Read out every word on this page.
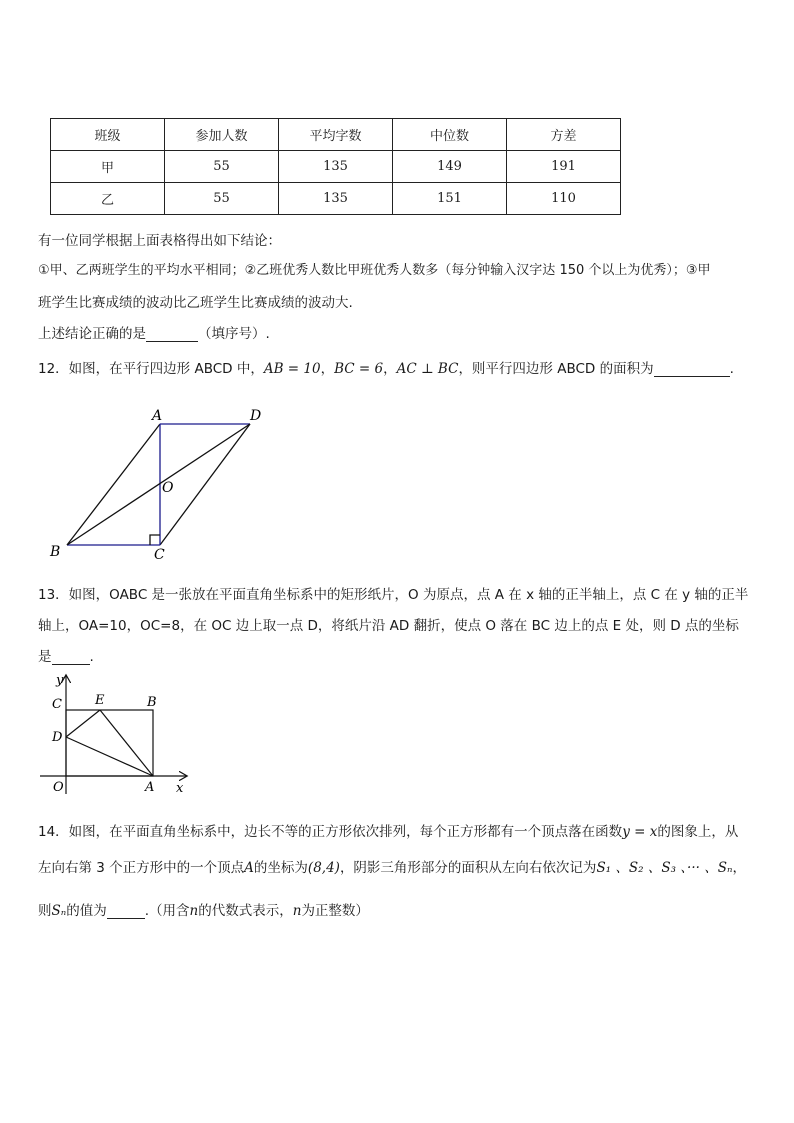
班级	参加人数	平均字数	中位数	方差
甲	55	135	149	191
乙	55	135	151	110
有一位同学根据上面表格得出如下结论：
①甲、乙两班学生的平均水平相同；②乙班优秀人数比甲班优秀人数多（每分钟输入汉字达 150 个以上为优秀）；③甲
班学生比赛成绩的波动比乙班学生比赛成绩的波动大.
上述结论正确的是	（填序号）.
12．如图，在平行四边形 ABCD 中，AB = 10，BC = 6，AC ⊥ BC，则平行四边形 ABCD 的面积为	.
A	D
B	C
O
13．如图，OABC 是一张放在平面直角坐标系中的矩形纸片，O 为原点，点 A 在 x 轴的正半轴上，点 C 在 y 轴的正半
轴上，OA=10，OC=8，在 OC 边上取一点 D，将纸片沿 AD 翻折，使点 O 落在 BC 边上的点 E 处，则 D 点的坐标
是	.
y
x
C	E	B
D
O	A
14．如图，在平面直角坐标系中，边长不等的正方形依次排列，每个正方形都有一个顶点落在函数y = x的图象上，从
左向右第 3 个正方形中的一个顶点A的坐标为(8,4)，阴影三角形部分的面积从左向右依次记为S₁ 、S₂ 、S₃ 、··· 、Sₙ，
则Sₙ的值为	.（用含n的代数式表示，n为正整数）
